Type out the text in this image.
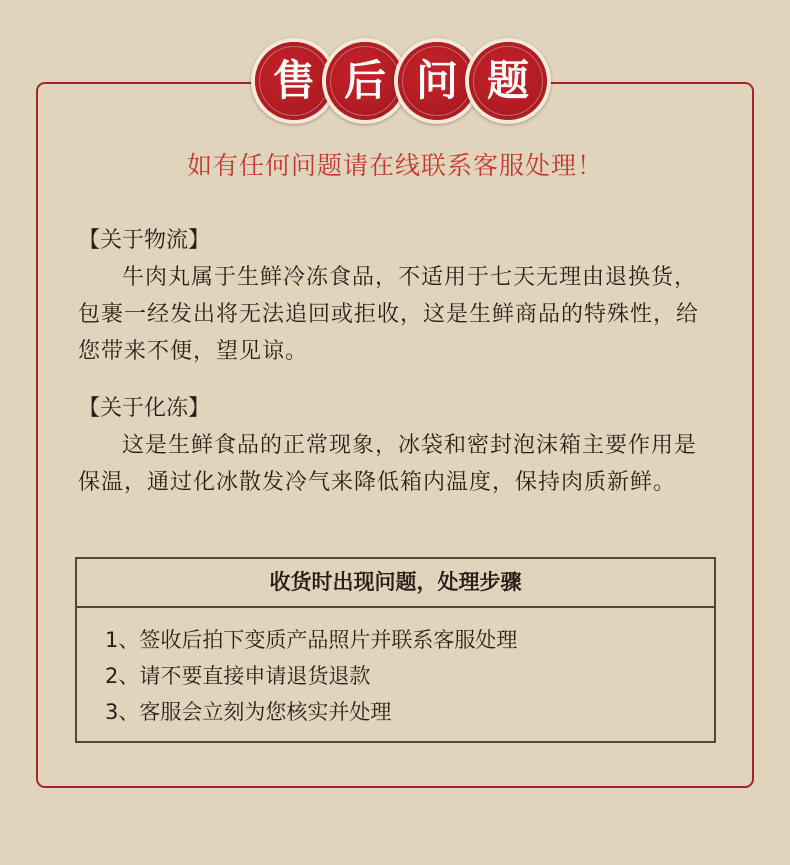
售 后 问 题
如有任何问题请在线联系客服处理！
【关于物流】
牛肉丸属于生鲜冷冻食品，不适用于七天无理由退换货，包裹一经发出将无法追回或拒收，这是生鲜商品的特殊性，给您带来不便，望见谅。
【关于化冻】
这是生鲜食品的正常现象，冰袋和密封泡沫箱主要作用是保温，通过化冰散发冷气来降低箱内温度，保持肉质新鲜。
收货时出现问题，处理步骤
1、签收后拍下变质产品照片并联系客服处理
2、请不要直接申请退货退款
3、客服会立刻为您核实并处理
